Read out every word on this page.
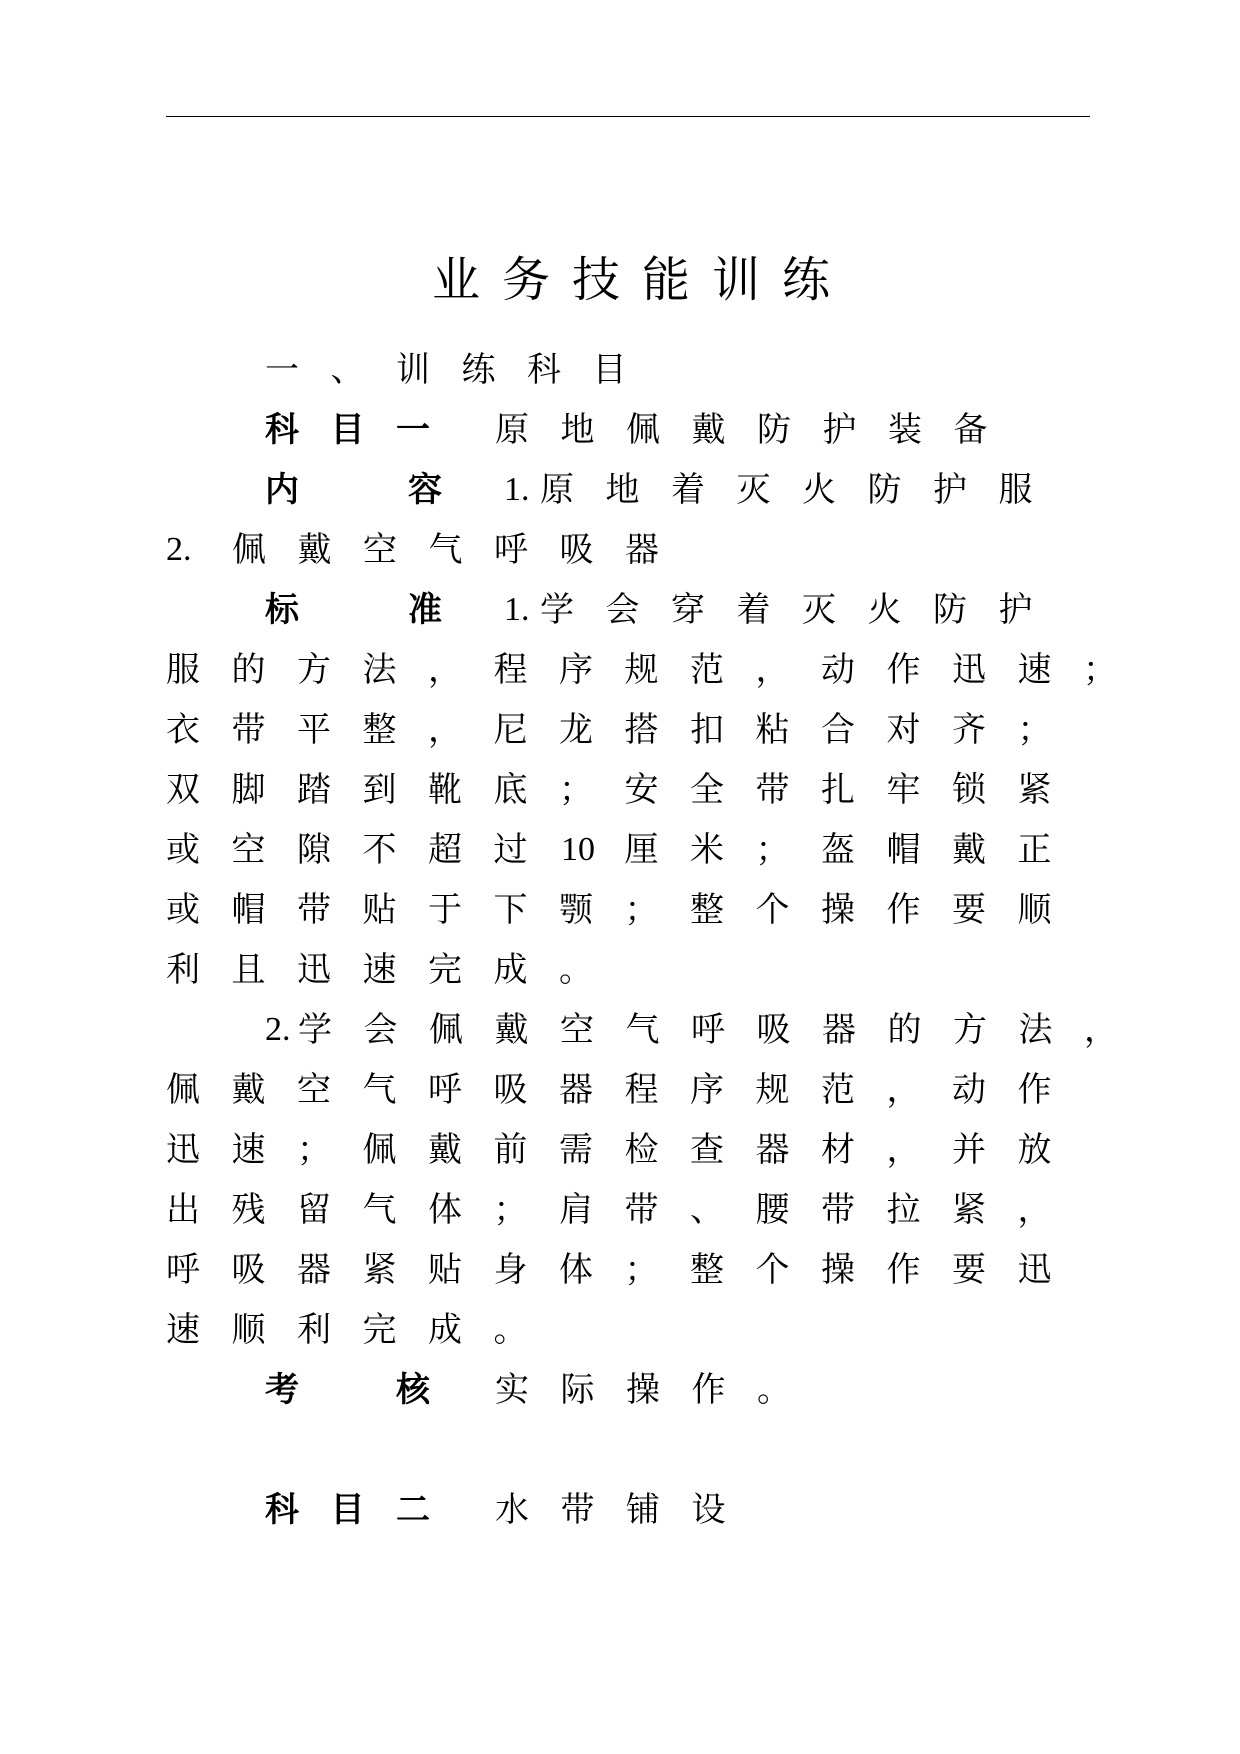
业务技能训练
一 、 训 练 科 目
科 目 一 原 地 佩 戴 防 护 装 备
内	容 1. 原 地 着 灭 火 防 护 服
2. 佩 戴 空 气 呼 吸 器
标	准 1. 学 会 穿 着 灭 火 防 护
服 的 方 法 ， 程 序 规 范 ， 动 作 迅 速 ；
衣 带 平 整 ， 尼 龙 搭 扣 粘 合 对 齐 ；
双 脚 踏 到 靴 底 ； 安 全 带 扎 牢 锁 紧
或 空 隙 不 超 过 10 厘 米 ； 盔 帽 戴 正
或 帽 带 贴 于 下 颚 ； 整 个 操 作 要 顺
利 且 迅 速 完 成 。
2. 学 会 佩 戴 空 气 呼 吸 器 的 方 法 ，
佩 戴 空 气 呼 吸 器 程 序 规 范 ， 动 作
迅 速 ； 佩 戴 前 需 检 查 器 材 ， 并 放
出 残 留 气 体 ； 肩 带 、 腰 带 拉 紧 ，
呼 吸 器 紧 贴 身 体 ； 整 个 操 作 要 迅
速 顺 利 完 成 。
考	核 实 际 操 作 。
科 目 二 水 带 铺 设
